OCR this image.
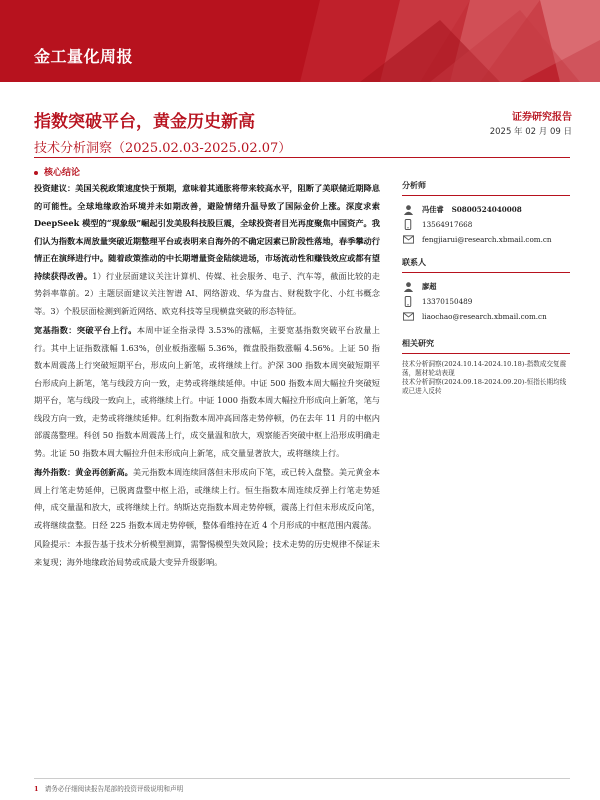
金工量化周报
指数突破平台，黄金历史新高
技术分析洞察（2025.02.03-2025.02.07）
证券研究报告
2025 年 02 月 09 日
核心结论

投资建议：美国关税政策速度快于预期，意味着其通胀将带来较高水平，阻断了美联储近期降息的可能性。全球地缘政治环境并未如期改善，避险情绪升温导致了国际金价上涨。深度求索 DeepSeek 模型的“现象级”崛起引发美股科技股巨震，全球投资者目光再度聚焦中国资产。我们认为指数本周放量突破近期整理平台或表明来自海外的不确定因素已阶段性落地，春季攀动行情正在演绎进行中。随着政策推动的中长期增量资金陆续进场，市场流动性和赚钱效应或都有望持续获得改善。1）行业层面建议关注计算机、传媒、社会服务、电子、汽车等，截面比较的走势斜率靠前。2）主题层面建议关注智谱 AI、网络游戏、华为盘古、财税数字化、小红书概念等。3）个股层面检测到新近网络、欧克科技等呈现横盘突破的形态特征。

宽基指数：突破平台上行。本周中证全指录得 3.53%的涨幅，主要宽基指数突破平台放量上行。其中上证指数涨幅 1.63%，创业板指涨幅 5.36%，微盘股指数涨幅 4.56%。上证 50 指数本周震荡上行突破短期平台，形成向上新笔，或将继续上行。沪深 300 指数本周突破短期平台形成向上新笔，笔与线段方向一致，走势或将继续延伸。中证 500 指数本周大幅拉升突破短期平台，笔与线段一致向上，或将继续上行。中证 1000 指数本周大幅拉升形成向上新笔，笔与线段方向一致，走势或将继续延伸。红利指数本周冲高回落走势停顿，仍在去年 11 月的中枢内部震荡整理。科创 50 指数本周震荡上行，成交量温和放大，观察能否突破中枢上沿形成明确走势。北证 50 指数本周大幅拉升但未形成向上新笔，成交量显著放大，或将继续上行。

海外指数：黄金再创新高。美元指数本周连续回落但未形成向下笔，或已转入盘整。美元黄金本周上行笔走势延伸，已脱离盘整中枢上沿，或继续上行。恒生指数本周连续反弹上行笔走势延伸，成交量温和放大，或将继续上行。纳斯达克指数本周走势停顿，震荡上行但未形成反向笔，或将继续盘整。日经 225 指数本周走势停顿，整体看维持在近 4 个月形成的中枢范围内震荡。

风险提示：本报告基于技术分析模型测算，需警惕模型失效风险；技术走势的历史规律不保证未来复现；海外地缘政治局势或成最大变异升级影响。

分析师
冯佳睿 S0800524040008
13564917668
fengjiarui@research.xbmail.com.cn
联系人
廖超
13370150489
liaochao@research.xbmail.com.cn
相关研究
技术分析洞察(2024.10.14-2024.10.18)-指数成交复震荡，题材轮动表现
技术分析洞察(2024.09.18-2024.09.20)-恒指长期均线或已进入反转
1 请务必仔细阅读报告尾部的投资评级说明和声明
